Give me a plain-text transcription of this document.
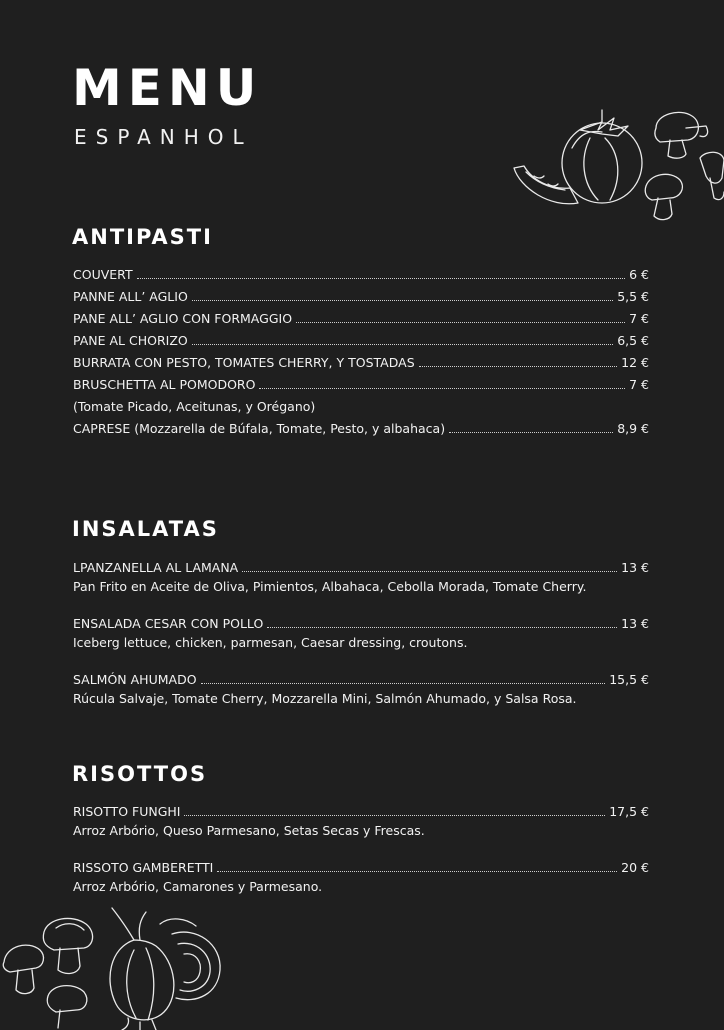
MENU
ESPANHOL
ANTIPASTI
COUVERT	6 €
PANNE ALL’ AGLIO	5,5 €
PANE ALL’ AGLIO CON FORMAGGIO	7 €
PANE AL CHORIZO	6,5 €
BURRATA CON PESTO, TOMATES CHERRY, Y TOSTADAS	12 €
BRUSCHETTA AL POMODORO	7 €
(Tomate Picado, Aceitunas, y Orégano)
CAPRESE (Mozzarella de Búfala, Tomate, Pesto, y albahaca)	8,9 €
INSALATAS
LPANZANELLA AL LAMANA	13 €
Pan Frito en Aceite de Oliva, Pimientos, Albahaca, Cebolla Morada, Tomate Cherry.
ENSALADA CESAR CON POLLO	13 €
Iceberg lettuce, chicken, parmesan, Caesar dressing, croutons.
SALMÓN AHUMADO	15,5 €
Rúcula Salvaje, Tomate Cherry, Mozzarella Mini, Salmón Ahumado, y Salsa Rosa.
RISOTTOS
RISOTTO FUNGHI	17,5 €
Arroz Arbório, Queso Parmesano, Setas Secas y Frescas.
RISSOTO GAMBERETTI	20 €
Arroz Arbório, Camarones y Parmesano.
